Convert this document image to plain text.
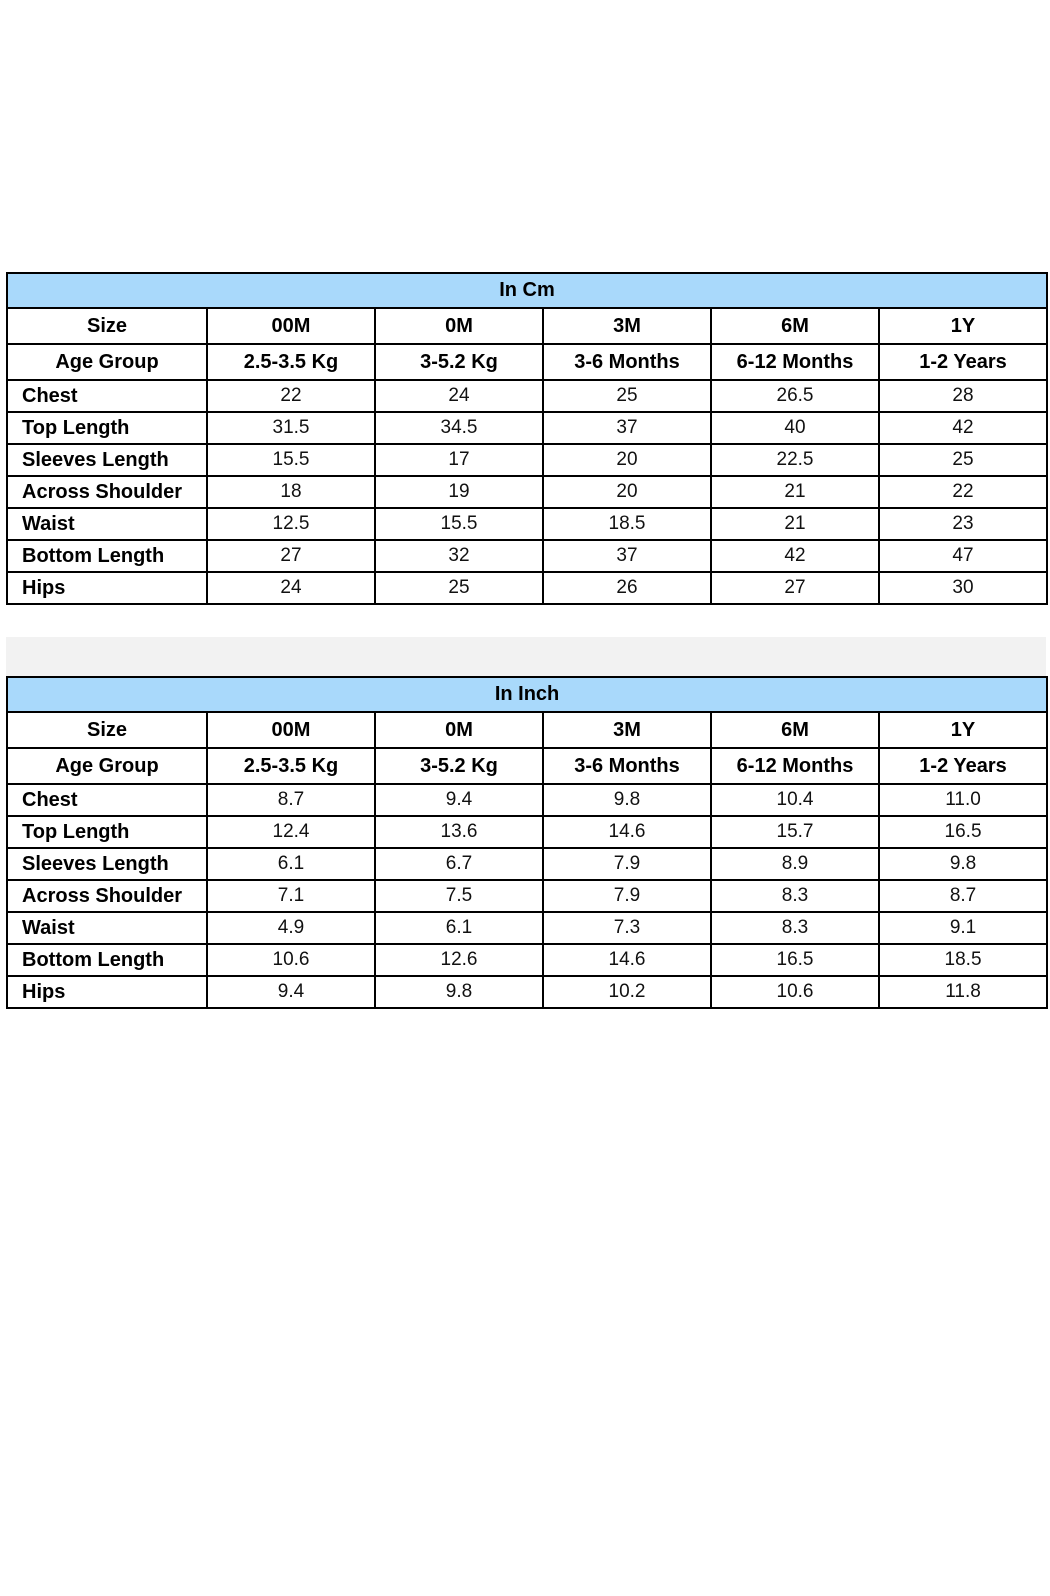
In Cm					
Size	00M	0M	3M	6M	1Y
Age Group	2.5-3.5 Kg	3-5.2 Kg	3-6 Months	6-12 Months	1-2 Years
Chest	22	24	25	26.5	28
Top Length	31.5	34.5	37	40	42
Sleeves Length	15.5	17	20	22.5	25
Across Shoulder	18	19	20	21	22
Waist	12.5	15.5	18.5	21	23
Bottom Length	27	32	37	42	47
Hips	24	25	26	27	30
In Inch					
Size	00M	0M	3M	6M	1Y
Age Group	2.5-3.5 Kg	3-5.2 Kg	3-6 Months	6-12 Months	1-2 Years
Chest	8.7	9.4	9.8	10.4	11.0
Top Length	12.4	13.6	14.6	15.7	16.5
Sleeves Length	6.1	6.7	7.9	8.9	9.8
Across Shoulder	7.1	7.5	7.9	8.3	8.7
Waist	4.9	6.1	7.3	8.3	9.1
Bottom Length	10.6	12.6	14.6	16.5	18.5
Hips	9.4	9.8	10.2	10.6	11.8
